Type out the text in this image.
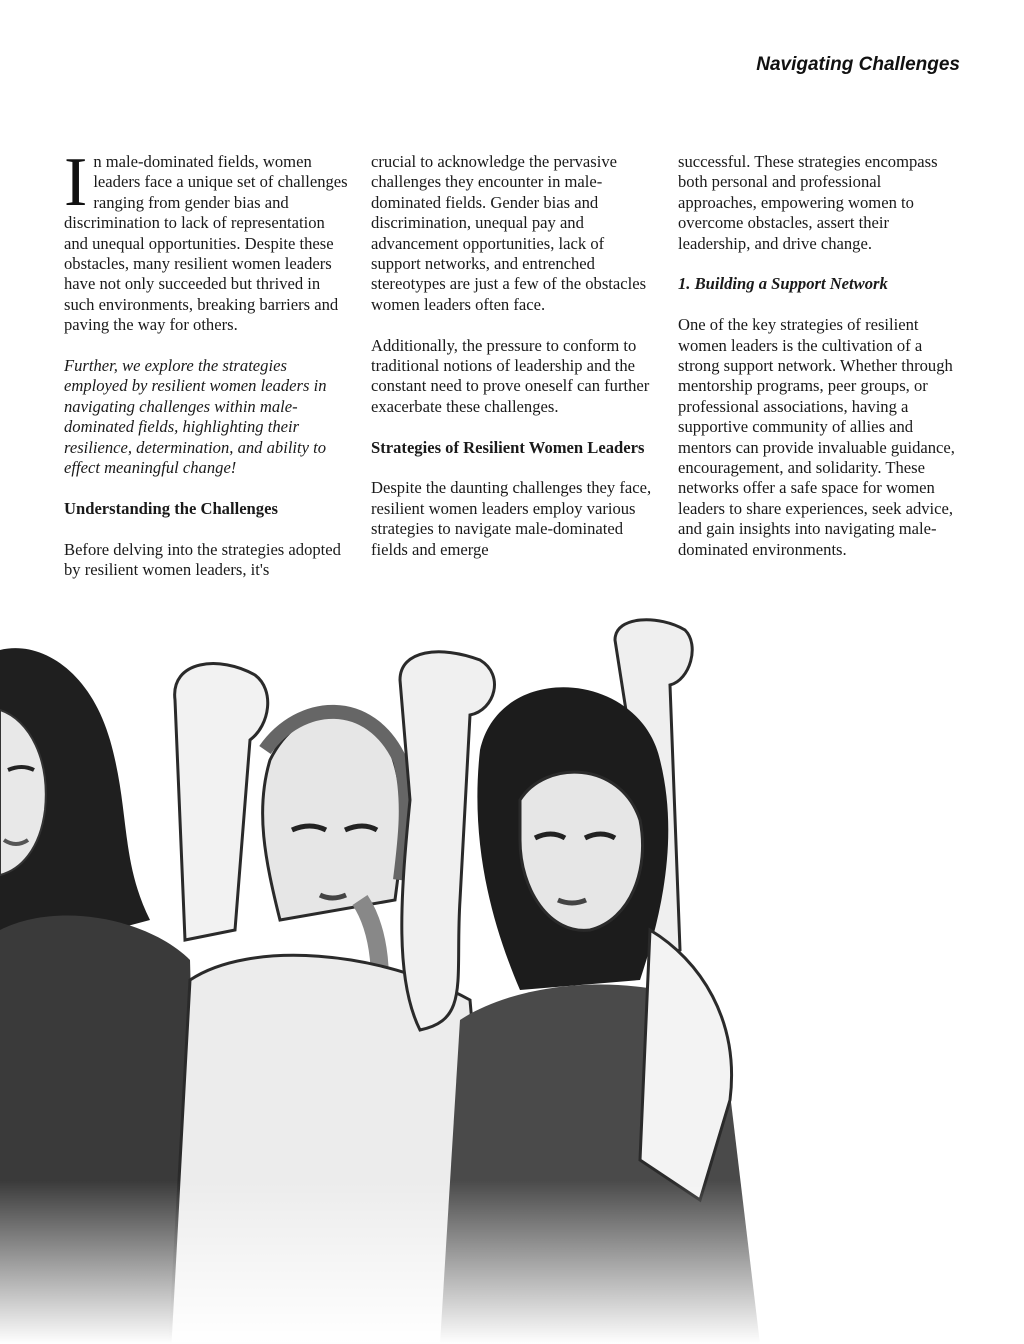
Navigating Challenges

In male-dominated fields, women leaders face a unique set of challenges ranging from gender bias and discrimination to lack of representation and unequal opportunities. Despite these obstacles, many resilient women leaders have not only succeeded but thrived in such environments, breaking barriers and paving the way for others.

Further, we explore the strategies employed by resilient women leaders in navigating challenges within male-dominated fields, highlighting their resilience, determination, and ability to effect meaningful change!

Understanding the Challenges

Before delving into the strategies adopted by resilient women leaders, it's

crucial to acknowledge the pervasive challenges they encounter in male-dominated fields. Gender bias and discrimination, unequal pay and advancement opportunities, lack of support networks, and entrenched stereotypes are just a few of the obstacles women leaders often face.

Additionally, the pressure to conform to traditional notions of leadership and the constant need to prove oneself can further exacerbate these challenges.

Strategies of Resilient Women Leaders

Despite the daunting challenges they face, resilient women leaders employ various strategies to navigate male-dominated fields and emerge

successful. These strategies encompass both personal and professional approaches, empowering women to overcome obstacles, assert their leadership, and drive change.

1. Building a Support Network

One of the key strategies of resilient women leaders is the cultivation of a strong support network. Whether through mentorship programs, peer groups, or professional associations, having a supportive community of allies and mentors can provide invaluable guidance, encouragement, and solidarity. These networks offer a safe space for women leaders to share experiences, seek advice, and gain insights into navigating male-dominated environments.
